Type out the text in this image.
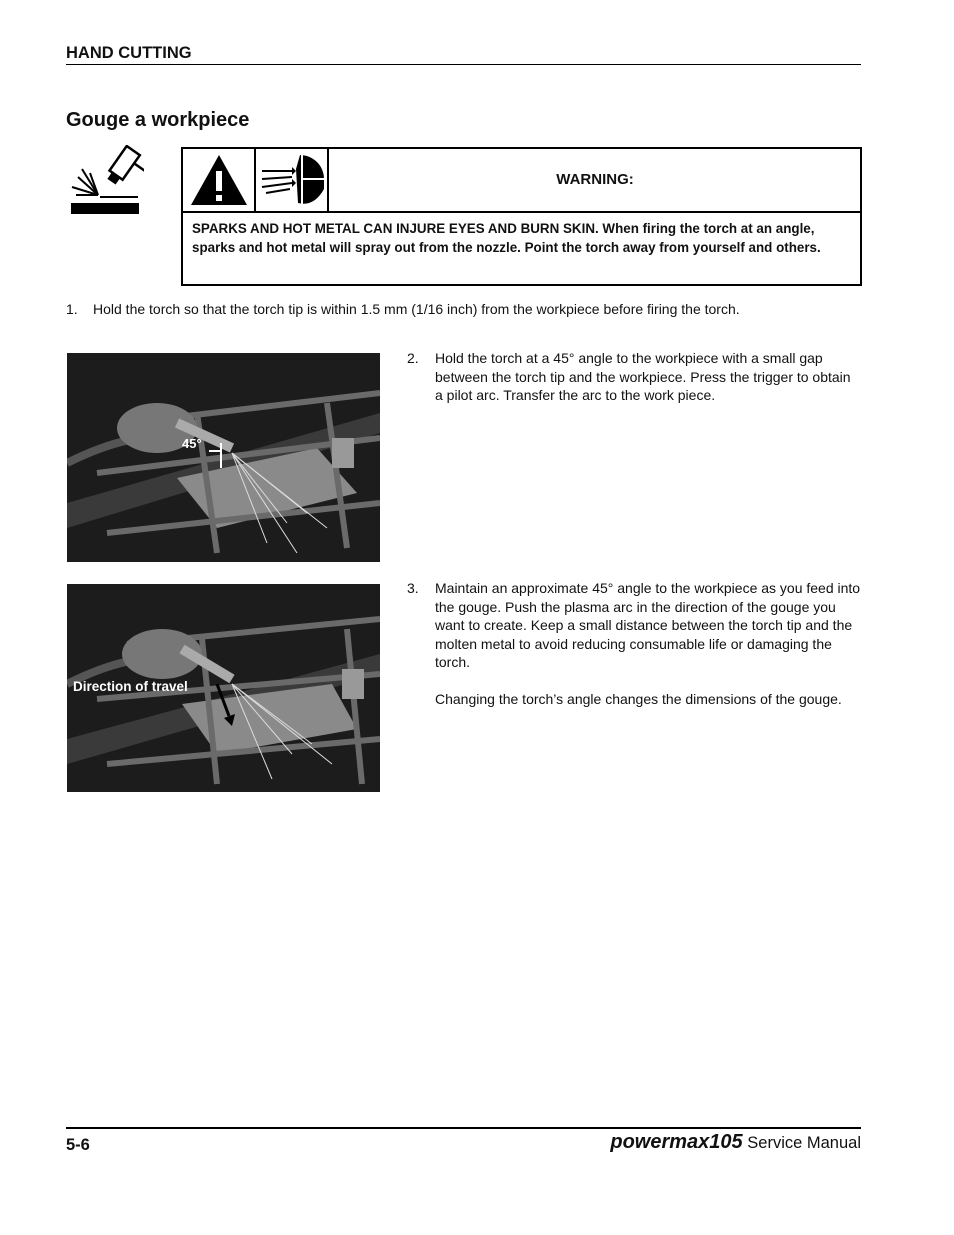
HAND CUTTING
Gouge a workpiece
WARNING:
SPARKS AND HOT METAL CAN INJURE EYES AND BURN SKIN. When firing the torch at an angle, sparks and hot metal will spray out from the nozzle. Point the torch away from yourself and others.
1. Hold the torch so that the torch tip is within 1.5 mm (1/16 inch) from the workpiece before firing the torch.
45°
2. Hold the torch at a 45° angle to the workpiece with a small gap between the torch tip and the workpiece. Press the trigger to obtain a pilot arc. Transfer the arc to the work piece.
Direction of travel
3. Maintain an approximate 45° angle to the workpiece as you feed into the gouge. Push the plasma arc in the direction of the gouge you want to create. Keep a small distance between the torch tip and the molten metal to avoid reducing consumable life or damaging the torch.
Changing the torch’s angle changes the dimensions of the gouge.
5-6	powermax105 Service Manual
